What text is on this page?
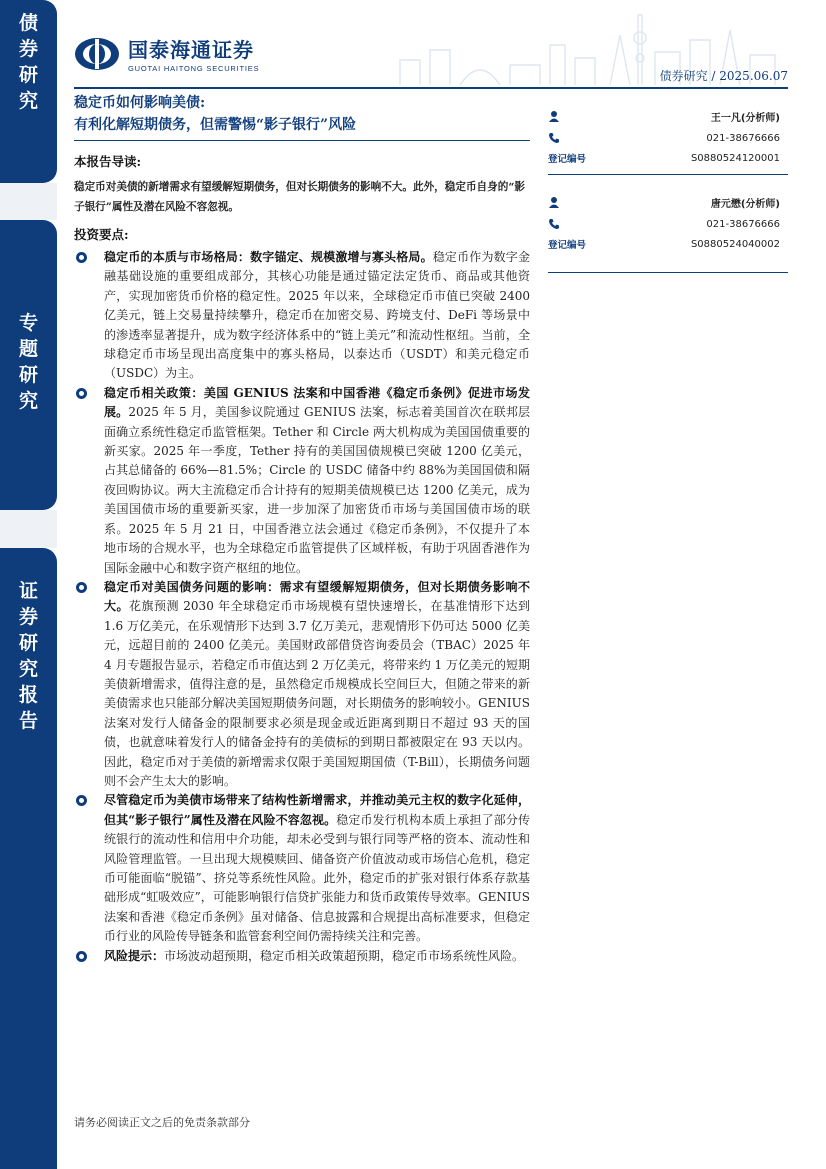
债
券
研
究
专
题
研
究
证
券
研
究
报
告
国泰海通证券
GUOTAI HAITONG SECURITIES
债券研究 / 2025.06.07
稳定币如何影响美债:
有利化解短期债务，但需警惕“影子银行”风险	王一凡(分析师)
021-38676666
登记编号	S0880524120001
唐元懋(分析师)
021-38676666
登记编号	S0880524040002
本报告导读:
稳定币对美债的新增需求有望缓解短期债务，但对长期债务的影响不大。此外，稳定币自身的“影子银行”属性及潜在风险不容忽视。
投资要点:
稳定币的本质与市场格局：数字锚定、规模激增与寡头格局。稳定币作为数字金融基础设施的重要组成部分，其核心功能是通过锚定法定货币、商品或其他资产，实现加密货币价格的稳定性。2025 年以来，全球稳定币市值已突破 2400 亿美元，链上交易量持续攀升，稳定币在加密交易、跨境支付、DeFi 等场景中的渗透率显著提升，成为数字经济体系中的“链上美元”和流动性枢纽。当前，全球稳定币市场呈现出高度集中的寡头格局，以泰达币（USDT）和美元稳定币（USDC）为主。
稳定币相关政策：美国 GENIUS 法案和中国香港《稳定币条例》促进市场发展。2025 年 5 月，美国参议院通过 GENIUS 法案，标志着美国首次在联邦层面确立系统性稳定币监管框架。Tether 和 Circle 两大机构成为美国国债重要的新买家。2025 年一季度，Tether 持有的美国国债规模已突破 1200 亿美元，占其总储备的 66%—81.5%；Circle 的 USDC 储备中约 88%为美国国债和隔夜回购协议。两大主流稳定币合计持有的短期美债规模已达 1200 亿美元，成为美国国债市场的重要新买家，进一步加深了加密货币市场与美国国债市场的联系。2025 年 5 月 21 日，中国香港立法会通过《稳定币条例》，不仅提升了本地市场的合规水平，也为全球稳定币监管提供了区域样板，有助于巩固香港作为国际金融中心和数字资产枢纽的地位。
稳定币对美国债务问题的影响：需求有望缓解短期债务，但对长期债务影响不大。花旗预测 2030 年全球稳定币市场规模有望快速增长，在基准情形下达到 1.6 万亿美元，在乐观情形下达到 3.7 亿万美元，悲观情形下仍可达 5000 亿美元，远超目前的 2400 亿美元。美国财政部借贷咨询委员会（TBAC）2025 年 4 月专题报告显示，若稳定币市值达到 2 万亿美元，将带来约 1 万亿美元的短期美债新增需求，值得注意的是，虽然稳定币规模成长空间巨大，但随之带来的新美债需求也只能部分解决美国短期债务问题，对长期债务的影响较小。GENIUS 法案对发行人储备金的限制要求必须是现金或近距离到期日不超过 93 天的国债，也就意味着发行人的储备金持有的美债标的到期日都被限定在 93 天以内。因此，稳定币对于美债的新增需求仅限于美国短期国债（T-Bill），长期债务问题则不会产生太大的影响。
尽管稳定币为美债市场带来了结构性新增需求，并推动美元主权的数字化延伸，但其“影子银行”属性及潜在风险不容忽视。稳定币发行机构本质上承担了部分传统银行的流动性和信用中介功能，却未必受到与银行同等严格的资本、流动性和风险管理监管。一旦出现大规模赎回、储备资产价值波动或市场信心危机，稳定币可能面临“脱锚”、挤兑等系统性风险。此外，稳定币的扩张对银行体系存款基础形成“虹吸效应”，可能影响银行信贷扩张能力和货币政策传导效率。GENIUS 法案和香港《稳定币条例》虽对储备、信息披露和合规提出高标准要求，但稳定币行业的风险传导链条和监管套利空间仍需持续关注和完善。
风险提示：市场波动超预期，稳定币相关政策超预期，稳定币市场系统性风险。
请务必阅读正文之后的免责条款部分
